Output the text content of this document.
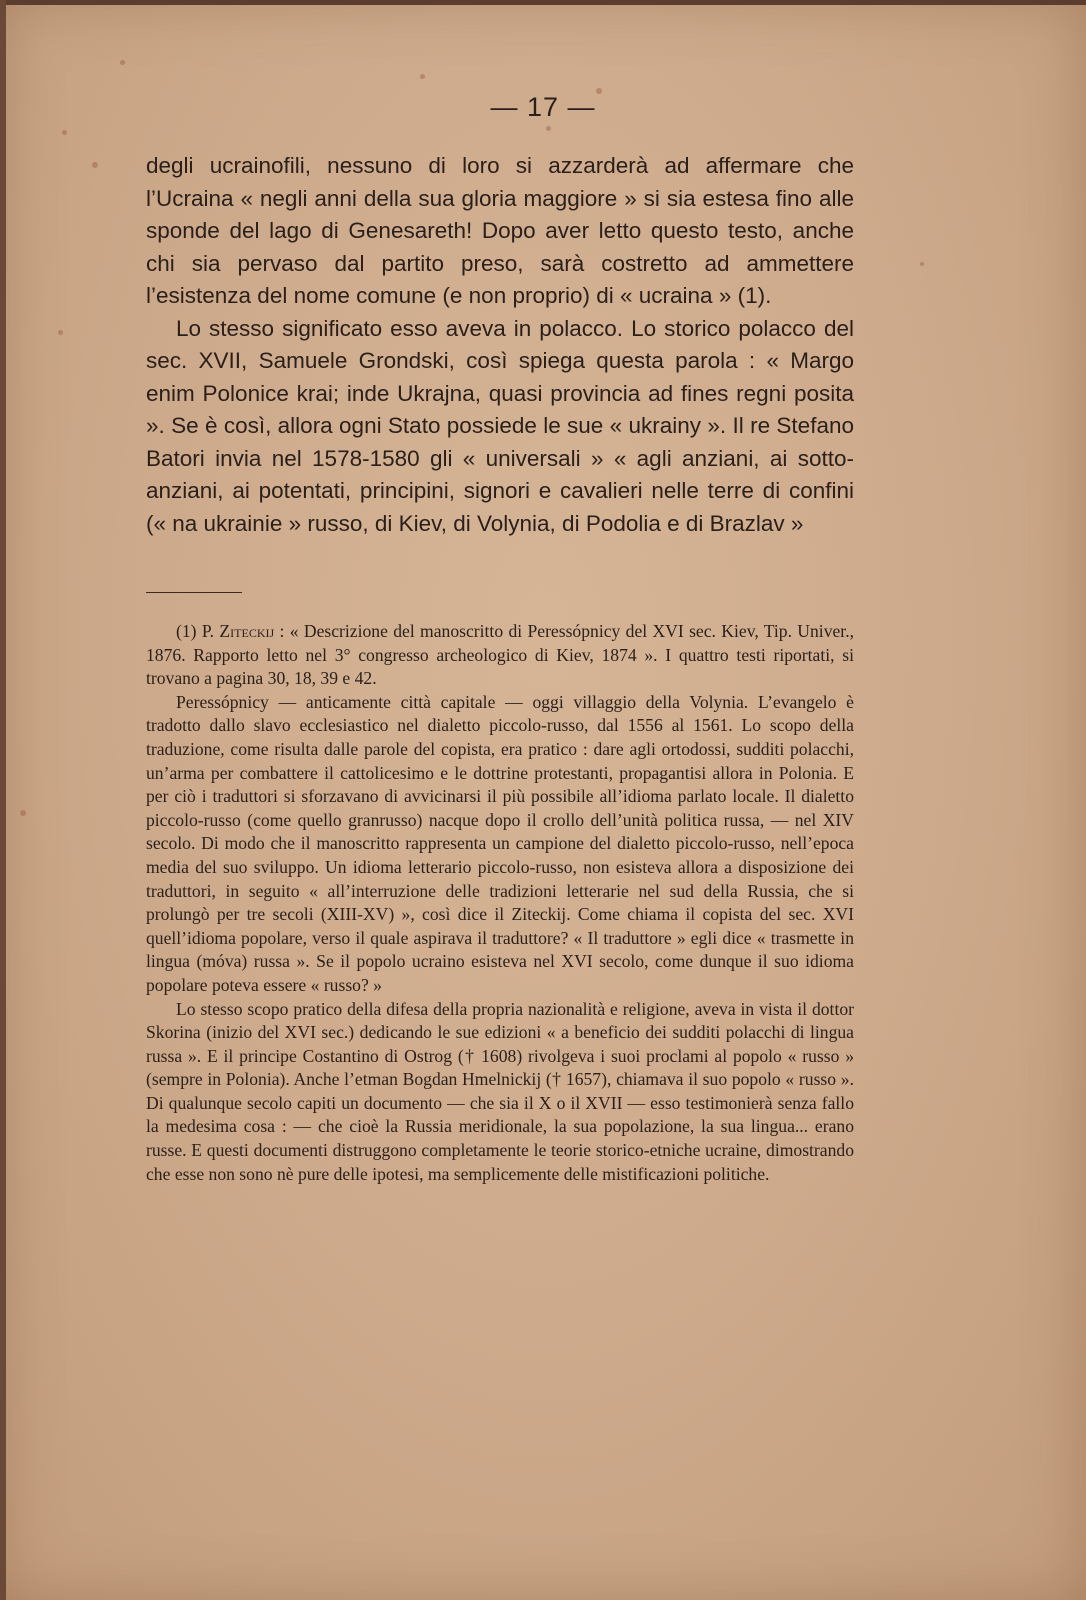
— 17 —

degli ucrainofili, nessuno di loro si azzarderà ad affermare che l’Ucraina « negli anni della sua gloria maggiore » si sia estesa fino alle sponde del lago di Genesareth! Dopo aver letto questo testo, anche chi sia pervaso dal partito preso, sarà costretto ad ammettere l’esistenza del nome comune (e non proprio) di « ucraina » (1).

Lo stesso significato esso aveva in polacco. Lo storico polacco del sec. XVII, Samuele Grondski, così spiega questa parola : « Margo enim Polonice krai; inde Ukrajna, quasi provincia ad fines regni posita ». Se è così, allora ogni Stato possiede le sue « ukrainy ». Il re Stefano Batori invia nel 1578-1580 gli « universali » « agli anziani, ai sotto-anziani, ai potentati, principini, signori e cavalieri nelle terre di confini (« na ukrainie » russo, di Kiev, di Volynia, di Podolia e di Brazlav »

(1) P. Ziteckij : « Descrizione del manoscritto di Peressópnicy del XVI sec. Kiev, Tip. Univer., 1876. Rapporto letto nel 3° congresso archeologico di Kiev, 1874 ». I quattro testi riportati, si trovano a pagina 30, 18, 39 e 42.

Peressópnicy — anticamente città capitale — oggi villaggio della Volynia. L’evangelo è tradotto dallo slavo ecclesiastico nel dialetto piccolo-russo, dal 1556 al 1561. Lo scopo della traduzione, come risulta dalle parole del copista, era pratico : dare agli ortodossi, sudditi polacchi, un’arma per combattere il cattolicesimo e le dottrine protestanti, propagantisi allora in Polonia. E per ciò i traduttori si sforzavano di avvicinarsi il più possibile all’idioma parlato locale. Il dialetto piccolo-russo (come quello granrusso) nacque dopo il crollo dell’unità politica russa, — nel XIV secolo. Di modo che il manoscritto rappresenta un campione del dialetto piccolo-russo, nell’epoca media del suo sviluppo. Un idioma letterario piccolo-russo, non esisteva allora a disposizione dei traduttori, in seguito « all’interruzione delle tradizioni letterarie nel sud della Russia, che si prolungò per tre secoli (XIII-XV) », così dice il Ziteckij. Come chiama il copista del sec. XVI quell’idioma popolare, verso il quale aspirava il traduttore? « Il traduttore » egli dice « trasmette in lingua (móva) russa ». Se il popolo ucraino esisteva nel XVI secolo, come dunque il suo idioma popolare poteva essere « russo? »

Lo stesso scopo pratico della difesa della propria nazionalità e religione, aveva in vista il dottor Skorina (inizio del XVI sec.) dedicando le sue edizioni « a beneficio dei sudditi polacchi di lingua russa ». E il principe Costantino di Ostrog († 1608) rivolgeva i suoi proclami al popolo « russo » (sempre in Polonia). Anche l’etman Bogdan Hmelnickij († 1657), chiamava il suo popolo « russo ». Di qualunque secolo capiti un documento — che sia il X o il XVII — esso testimonierà senza fallo la medesima cosa : — che cioè la Russia meridionale, la sua popolazione, la sua lingua... erano russe. E questi documenti distruggono completamente le teorie storico-etniche ucraine, dimostrando che esse non sono nè pure delle ipotesi, ma semplicemente delle mistificazioni politiche.
